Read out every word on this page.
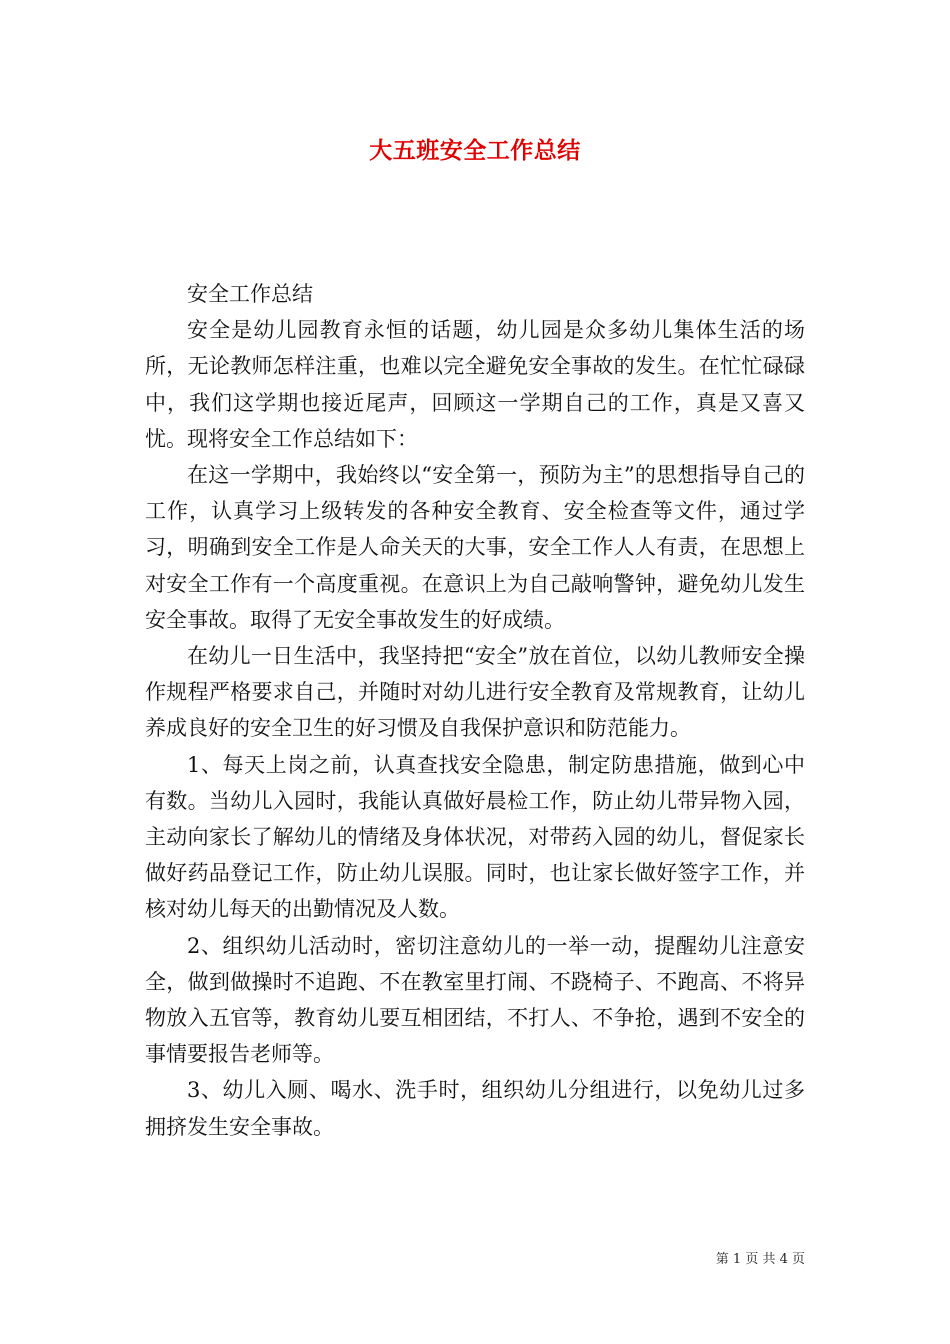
大五班安全工作总结

安全工作总结

安全是幼儿园教育永恒的话题，幼儿园是众多幼儿集体生活的场所，无论教师怎样注重，也难以完全避免安全事故的发生。在忙忙碌碌中，我们这学期也接近尾声，回顾这一学期自己的工作，真是又喜又忧。现将安全工作总结如下：

在这一学期中，我始终以“安全第一，预防为主”的思想指导自己的工作，认真学习上级转发的各种安全教育、安全检查等文件，通过学习，明确到安全工作是人命关天的大事，安全工作人人有责，在思想上对安全工作有一个高度重视。在意识上为自己敲响警钟，避免幼儿发生安全事故。取得了无安全事故发生的好成绩。

在幼儿一日生活中，我坚持把“安全”放在首位，以幼儿教师安全操作规程严格要求自己，并随时对幼儿进行安全教育及常规教育，让幼儿养成良好的安全卫生的好习惯及自我保护意识和防范能力。

1、每天上岗之前，认真查找安全隐患，制定防患措施，做到心中有数。当幼儿入园时，我能认真做好晨检工作，防止幼儿带异物入园，主动向家长了解幼儿的情绪及身体状况，对带药入园的幼儿，督促家长做好药品登记工作，防止幼儿误服。同时，也让家长做好签字工作，并核对幼儿每天的出勤情况及人数。

2、组织幼儿活动时，密切注意幼儿的一举一动，提醒幼儿注意安全，做到做操时不追跑、不在教室里打闹、不跷椅子、不跑高、不将异物放入五官等，教育幼儿要互相团结，不打人、不争抢，遇到不安全的事情要报告老师等。

3、幼儿入厕、喝水、洗手时，组织幼儿分组进行，以免幼儿过多拥挤发生安全事故。

第 1 页 共 4 页
